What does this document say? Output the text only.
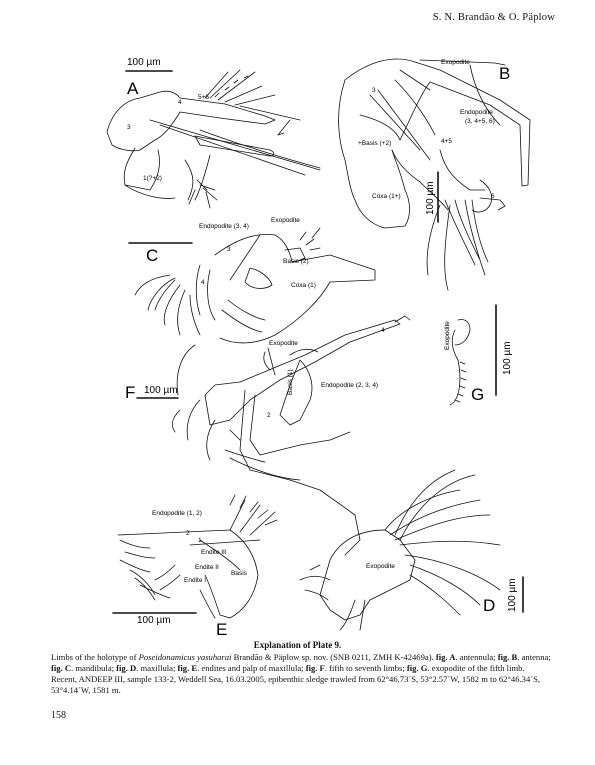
S. N. Brandão & O. Päplow
A
B
C
D
E
F	G
100 µm
100 µm
100 µm
100 µm
100 µm
100 µm
5+6
4
3
1(?+2)
Exopodite
3
Endopodite
(3, 4+5, 6)
4+5
+Basis (+2)
Coxa (1+)	6
Endopodite (3, 4)
Exopodite
3
4
Basis (2)
Coxa (1)
Exopodite
Basis (1)	Endopodite (2, 3, 4)
4
2
Exopodite
Endopodite (1, 2)
2
1
Endite III
Endite II
Endite I
Basis
Exopodite
Explanation of Plate 9.
Limbs of the holotype of Poseidonamicus yasuharai Brandão & Päplow sp. nov. (SNB 0211, ZMH K-42469a). fig. A. antennula; fig. B. antenna; fig. C. mandibula; fig. D. maxillula; fig. E. endites and palp of maxillula; fig. F. fifth to seventh limbs; fig. G. exopodite of the fifth limb. Recent, ANDEEP III, sample 133-2, Weddell Sea, 16.03.2005, epibenthic sledge trawled from 62°46.73´S, 53°2.57´W, 1582 m to 62°46.34´S, 53°4.14´W, 1581 m.
158
